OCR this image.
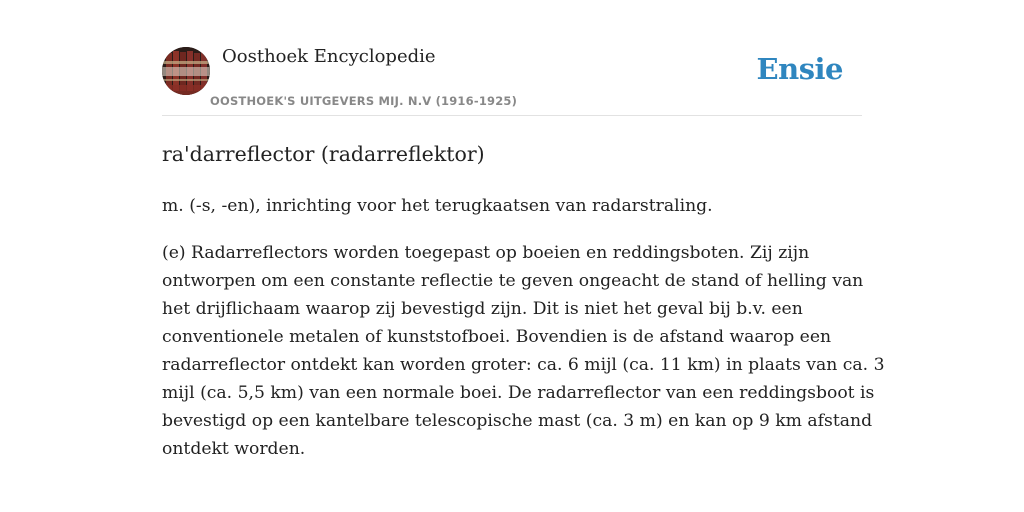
Oosthoek Encyclopedie
OOSTHOEK'S UITGEVERS MIJ. N.V (1916-1925)
Ensie
ra'darreflector (radarreflektor)

m. (-s, -en), inrichting voor het terugkaatsen van radarstraling.

(e) Radarreflectors worden toegepast op boeien en reddingsboten. Zij zijn
ontworpen om een constante reflectie te geven ongeacht de stand of helling van
het drijflichaam waarop zij bevestigd zijn. Dit is niet het geval bij b.v. een
conventionele metalen of kunststofboei. Bovendien is de afstand waarop een
radarreflector ontdekt kan worden groter: ca. 6 mijl (ca. 11 km) in plaats van ca. 3
mijl (ca. 5,5 km) van een normale boei. De radarreflector van een reddingsboot is
bevestigd op een kantelbare telescopische mast (ca. 3 m) en kan op 9 km afstand
ontdekt worden.
